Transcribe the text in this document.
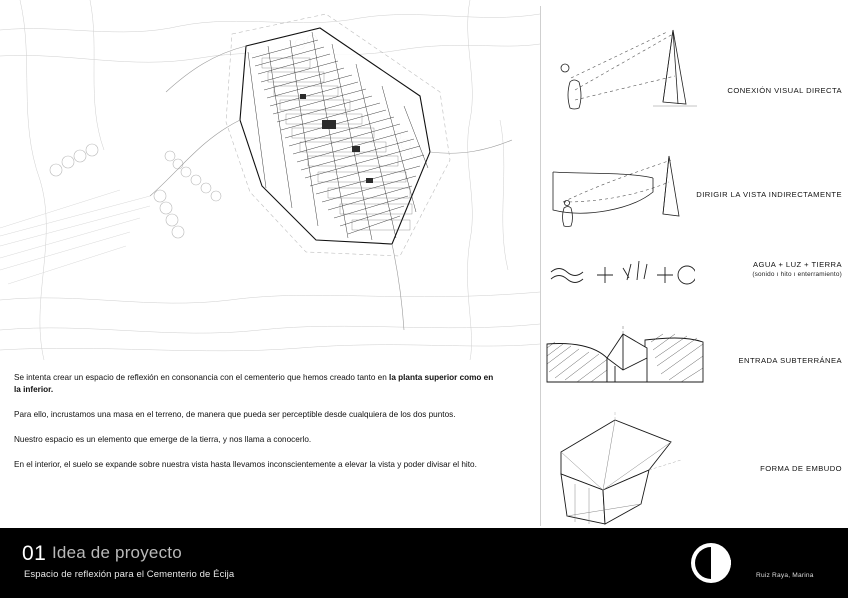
Se intenta crear un espacio de reflexión en consonancia con el cementerio que hemos creado tanto en la planta superior como en la inferior.

Para ello, incrustamos una masa en el terreno, de manera que pueda ser perceptible desde cualquiera de los dos puntos.

Nuestro espacio es un elemento que emerge de la tierra, y nos llama a conocerlo.

En el interior, el suelo se expande sobre nuestra vista hasta llevamos inconscientemente a elevar la vista y poder divisar el hito.

CONEXIÓN VISUAL DIRECTA
DIRIGIR LA VISTA INDIRECTAMENTE
AGUA + LUZ + TIERRA
(sonido ı hito ı enterramiento)
ENTRADA SUBTERRÁNEA
FORMA DE EMBUDO
01 Idea de proyecto
Espacio de reflexión para el Cementerio de Écija	Ruiz Raya, Marina
